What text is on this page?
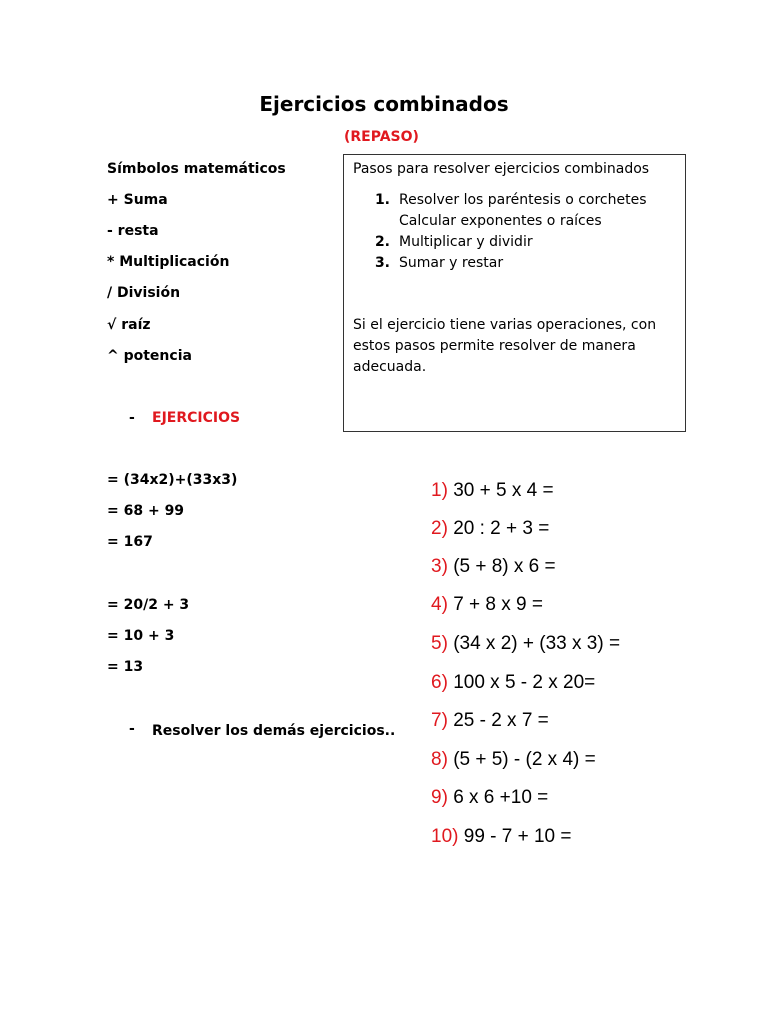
Ejercicios combinados
(REPASO)
Símbolos matemáticos
+ Suma
- resta
* Multiplicación
/ División
√ raíz
^ potencia
Pasos para resolver ejercicios combinados
1. Resolver los paréntesis o corchetes
Calcular exponentes o raíces
2. Multiplicar y dividir
3. Sumar y restar
Si el ejercicio tiene varias operaciones, con estos pasos permite resolver de manera adecuada.
- EJERCICIOS
= (34x2)+(33x3)
= 68 + 99
= 167
= 20/2 + 3
= 10 + 3
= 13
- Resolver los demás ejercicios..
1) 30 + 5 x 4 =
2) 20 : 2 + 3 =
3) (5 + 8) x 6 =
4) 7 + 8 x 9 =
5) (34 x 2) + (33 x 3) =
6) 100 x 5 - 2 x 20=
7) 25 - 2 x 7 =
8) (5 + 5) - (2 x 4) =
9) 6 x 6 +10 =
10) 99 - 7 + 10 =
